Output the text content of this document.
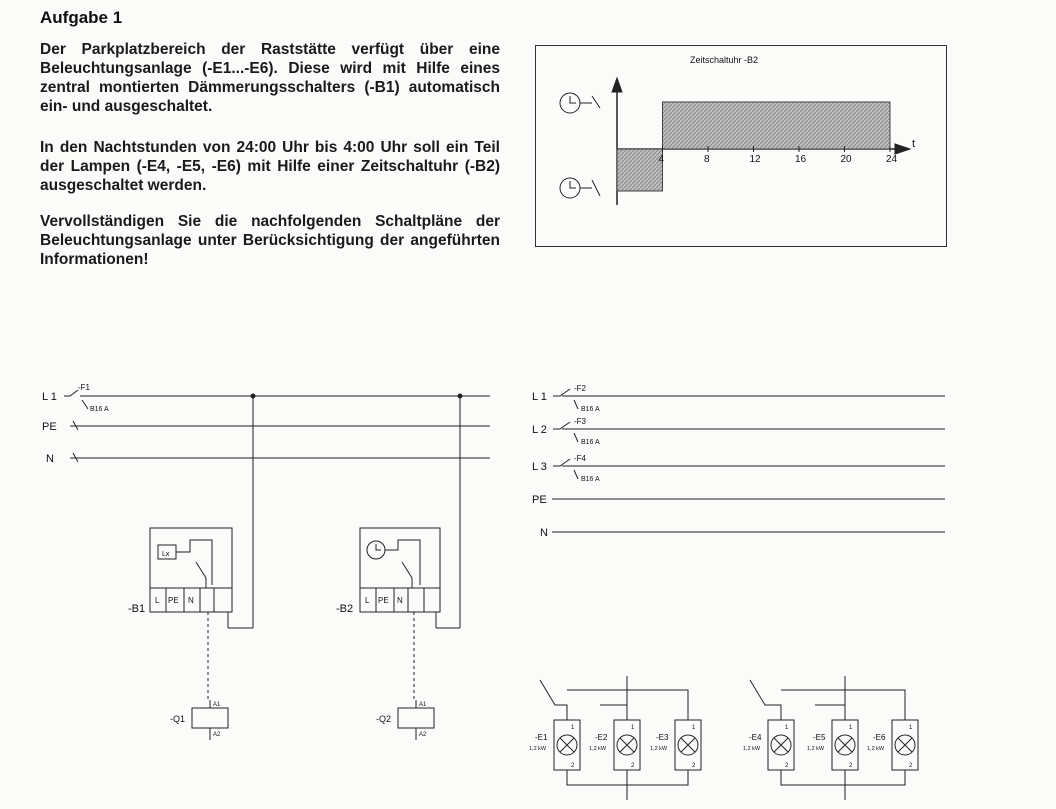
Aufgabe 1
Der Parkplatzbereich der Raststätte verfügt über eine Beleuchtungsanlage (-E1...-E6). Diese wird mit Hilfe eines zentral montierten Dämmerungsschalters (-B1) automatisch ein- und ausgeschaltet.
In den Nachtstunden von 24:00 Uhr bis 4:00 Uhr soll ein Teil der Lampen (-E4, -E5, -E6) mit Hilfe einer Zeitschaltuhr (-B2) ausgeschaltet werden.
Vervollständigen Sie die nachfolgenden Schaltpläne der Beleuchtungsanlage unter Berücksichtigung der angeführten Informationen!
Zeitschaltuhr -B2
4	8	12	16	20	24
t
L 1
PE
N
-F1
B16 A
Lx
L PE N
-B1
L PE N
-B2
-Q1
A1
A2
-Q2
A1
A2
L 1
L 2
L 3
PE
N
-F2
B16 A
-F3
B16 A
-F4
B16 A
1
2
-E1
1,2 kW
1
2
-E2
1,2 kW
1
2
-E3
1,2 kW
1
2
-E4
1,2 kW
1
2
-E5
1,2 kW
1
2
-E6
1,2 kW
